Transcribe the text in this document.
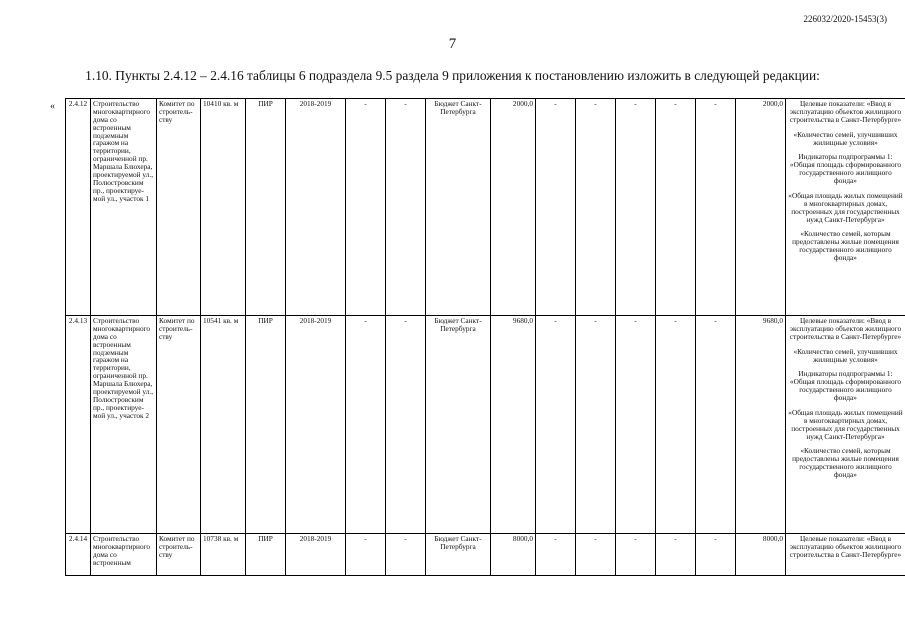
226032/2020-15453(3)
7
1.10. Пункты 2.4.12 – 2.4.16 таблицы 6 подраздела 9.5 раздела 9 приложения к постановлению изложить в следующей редакции:
« 2.4.12	Строительство многоквартирного дома со встроенным подземным гаражом на территории, ограниченной пр. Маршала Блюхера, проектируемой ул., Полюстровским пр., проектируе-мой ул., участок 1	Комитет по строитель-ству	10410 кв. м	ПИР	2018-2019	-	-	Бюджет Санкт-Петербурга	2000,0	-	-	-	-	-	2000,0	Целевые показатели: «Ввод в эксплуатацию объектов жилищного строительства в Санкт-Петербурге»
«Количество семей, улучшивших жилищные условия»
Индикаторы подпрограммы 1: «Общая площадь сформированного государственного жилищного фонда»
«Общая площадь жилых помещений в многоквартирных домах, построенных для государственных нужд Санкт-Петербурга»
«Количество семей, которым предоставлены жилые помещения государственного жилищного фонда»

2.4.13	Строительство многоквартирного дома со встроенным подземным гаражом на территории, ограниченной пр. Маршала Блюхера, проектируемой ул., Полюстровским пр., проектируе-мой ул., участок 2	Комитет по строитель-ству	10541 кв. м	ПИР	2018-2019	-	-	Бюджет Санкт-Петербурга	9680,0	-	-	-	-	-	9680,0	Целевые показатели: «Ввод в эксплуатацию объектов жилищного строительства в Санкт-Петербурге»
«Количество семей, улучшивших жилищные условия»
Индикаторы подпрограммы 1: «Общая площадь сформированного государственного жилищного фонда»
«Общая площадь жилых помещений в многоквартирных домах, построенных для государственных нужд Санкт-Петербурга»
«Количество семей, которым предоставлены жилые помещения государственного жилищного фонда»

2.4.14	Строительство многоквартирного дома со встроенным	Комитет по строитель-ству	10738 кв. м	ПИР	2018-2019	-	-	Бюджет Санкт-Петербурга	8000,0	-	-	-	-	-	8000,0	Целевые показатели: «Ввод в эксплуатацию объектов жилищного строительства в Санкт-Петербурге»
